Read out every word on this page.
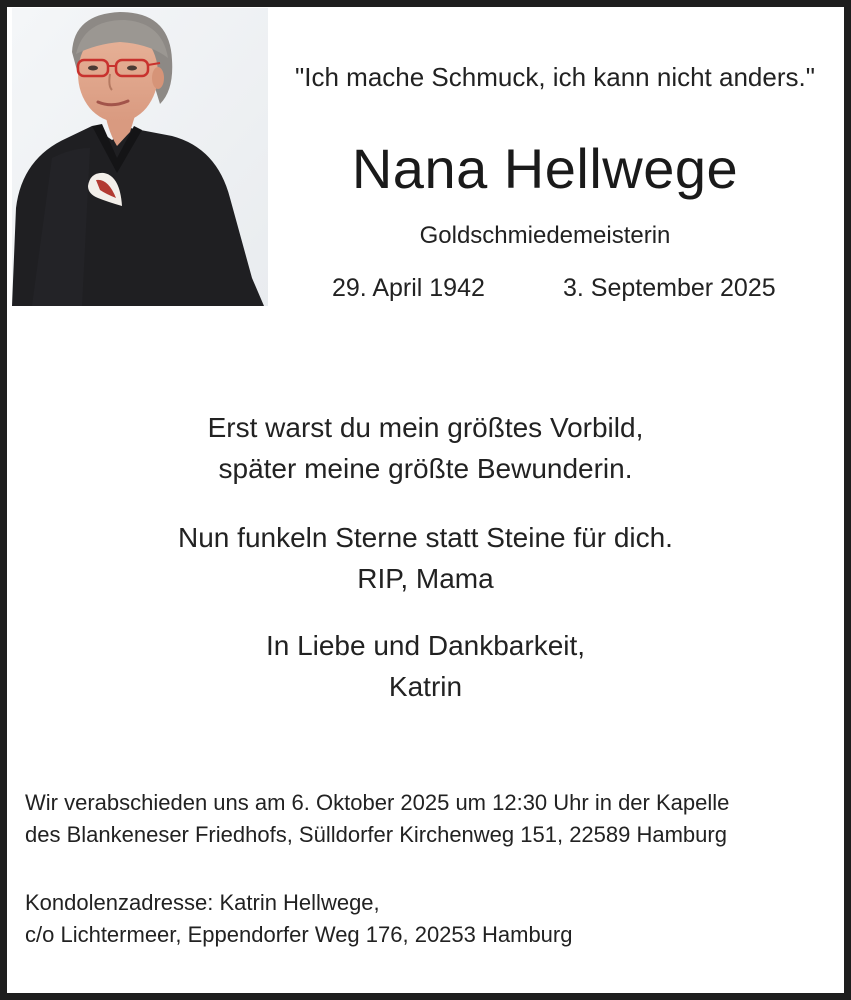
"Ich mache Schmuck, ich kann nicht anders."
Nana Hellwege
Goldschmiedemeisterin
29. April 1942	3. September 2025
Erst warst du mein größtes Vorbild,
später meine größte Bewunderin.
Nun funkeln Sterne statt Steine für dich.
RIP, Mama
In Liebe und Dankbarkeit,
Katrin
Wir verabschieden uns am 6. Oktober 2025 um 12:30 Uhr in der Kapelle
des Blankeneser Friedhofs, Sülldorfer Kirchenweg 151, 22589 Hamburg
Kondolenzadresse: Katrin Hellwege,
c/o Lichtermeer, Eppendorfer Weg 176, 20253 Hamburg
